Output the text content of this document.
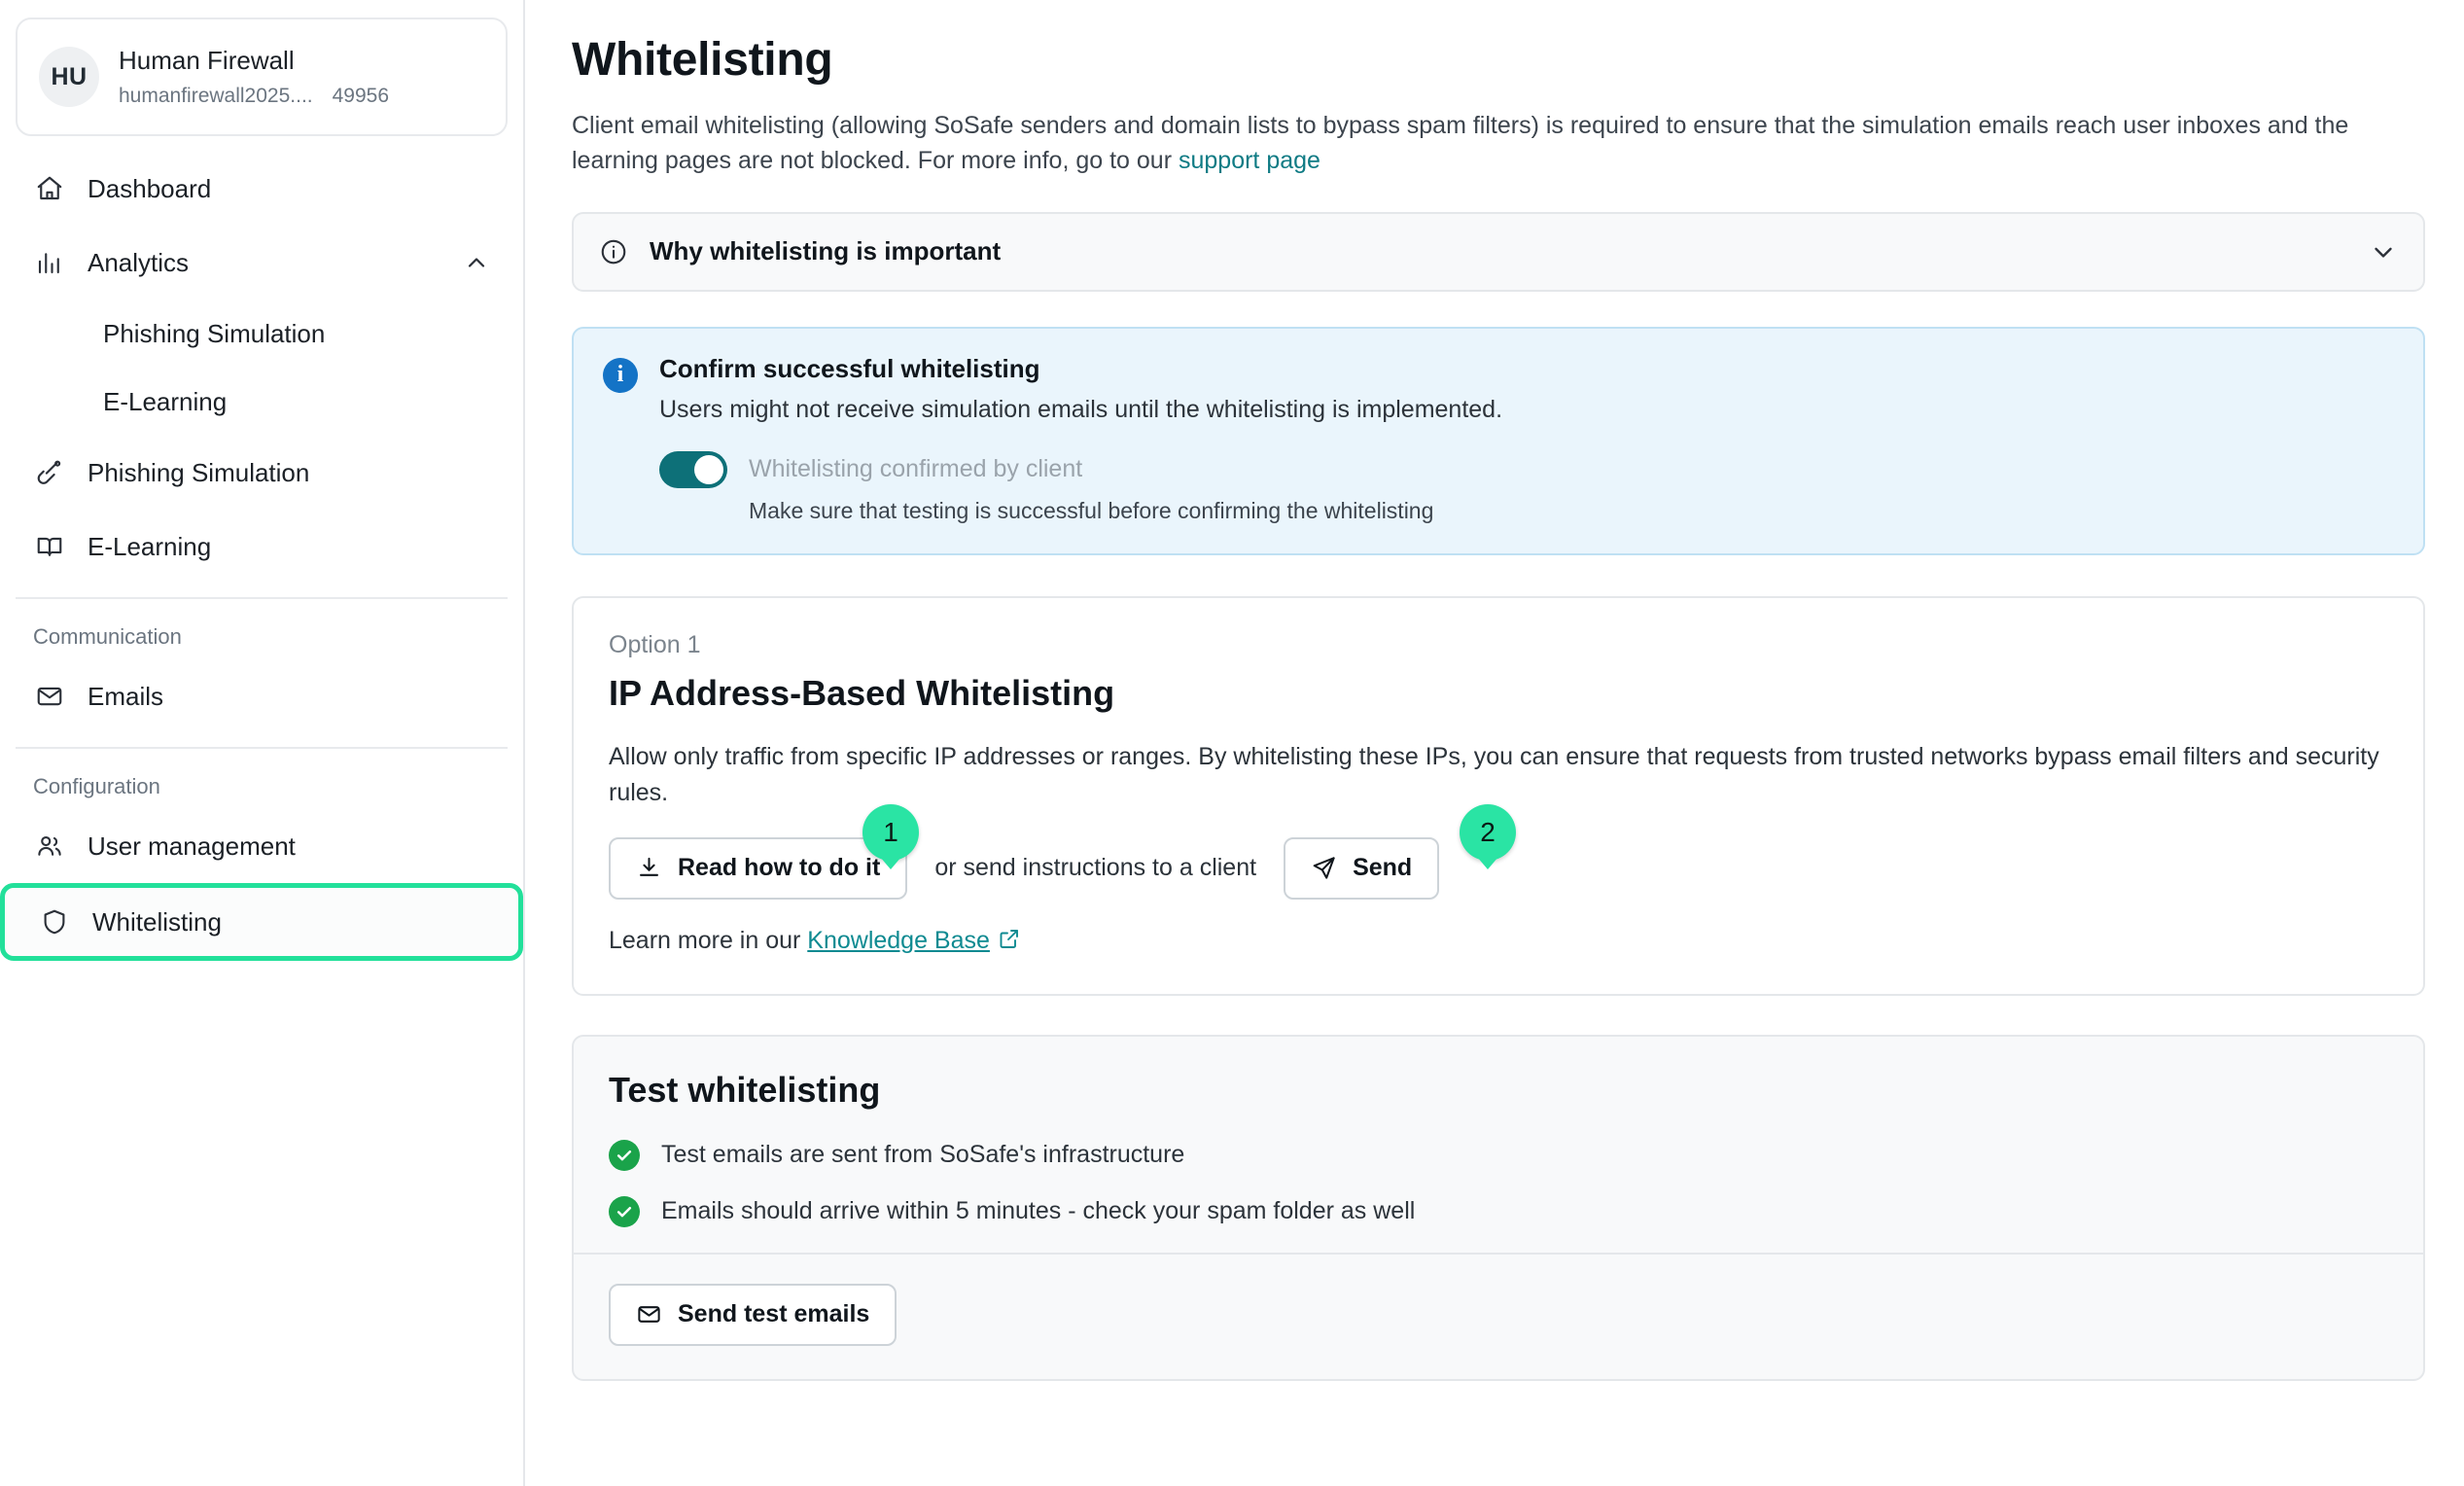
HU
Human Firewall
humanfirewall2025.... 49956
Dashboard
Analytics
Phishing Simulation
E-Learning
Phishing Simulation
E-Learning
Communication
Emails
Configuration
User management
Whitelisting
Whitelisting
Client email whitelisting (allowing SoSafe senders and domain lists to bypass spam filters) is required to ensure that the simulation emails reach user inboxes and the learning pages are not blocked. For more info, go to our support page
Why whitelisting is important
i	Confirm successful whitelisting
Users might not receive simulation emails until the whitelisting is implemented.
Whitelisting confirmed by client
Make sure that testing is successful before confirming the whitelisting
Option 1
IP Address-Based Whitelisting
Allow only traffic from specific IP addresses or ranges. By whitelisting these IPs, you can ensure that requests from trusted networks bypass email filters and security rules.
Read how to do it or send instructions to a client	Send
Learn more in our Knowledge Base
1	2
Test whitelisting
Test emails are sent from SoSafe's infrastructure
Emails should arrive within 5 minutes - check your spam folder as well
Send test emails
